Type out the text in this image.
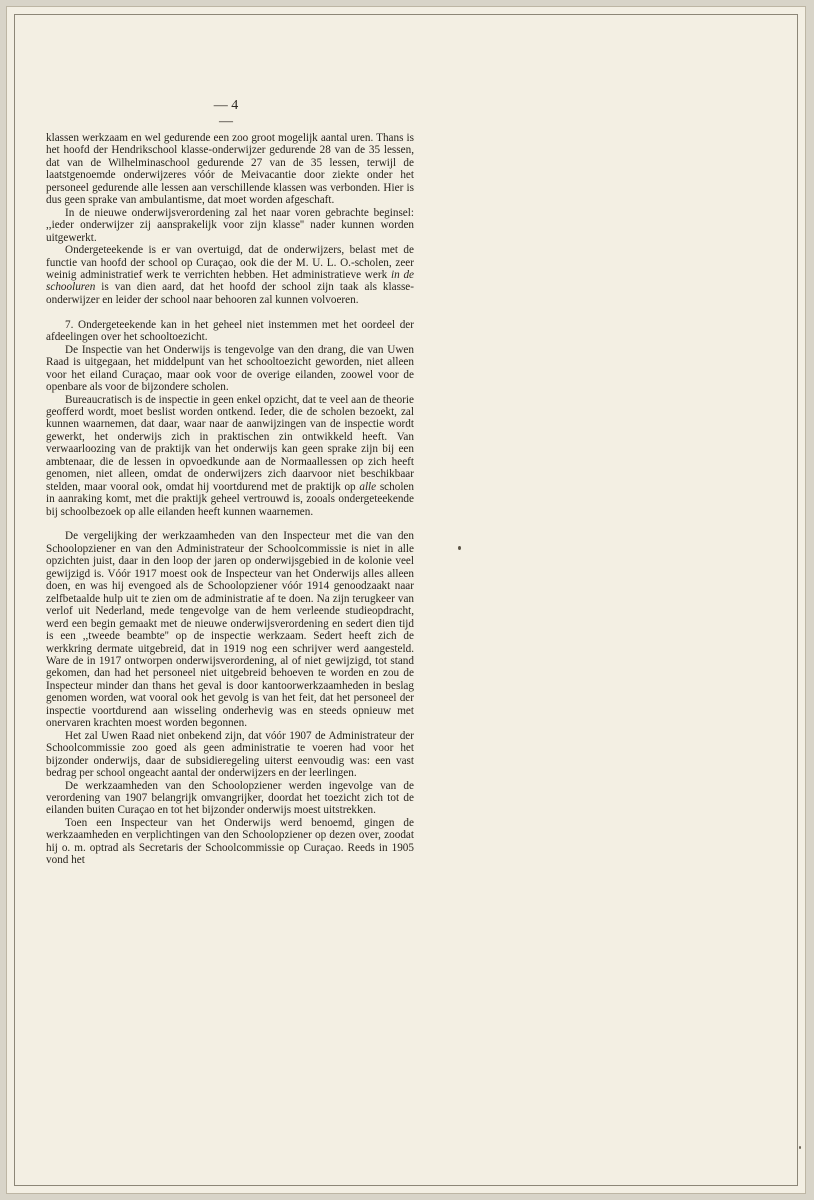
— 4 —

klassen werkzaam en wel gedurende een zoo groot mogelijk aantal uren. Thans is het hoofd der Hendrikschool klasse-onderwijzer gedurende 28 van de 35 lessen, dat van de Wilhelminaschool gedurende 27 van de 35 lessen, terwijl de laatstgenoemde onderwijzeres vóór de Meivacantie door ziekte onder het personeel gedurende alle lessen aan verschillende klassen was verbonden. Hier is dus geen sprake van ambulantisme, dat moet worden afgeschaft.

In de nieuwe onderwijsverordening zal het naar voren gebrachte beginsel: ,,ieder onderwijzer zij aansprakelijk voor zijn klasse'' nader kunnen worden uitgewerkt.

Ondergeteekende is er van overtuigd, dat de onderwijzers, belast met de functie van hoofd der school op Curaçao, ook die der M. U. L. O.-scholen, zeer weinig administratief werk te verrichten hebben. Het administratieve werk in de schooluren is van dien aard, dat het hoofd der school zijn taak als klasse-onderwijzer en leider der school naar behooren zal kunnen volvoeren.

7. Ondergeteekende kan in het geheel niet instemmen met het oordeel der afdeelingen over het schooltoezicht.

De Inspectie van het Onderwijs is tengevolge van den drang, die van Uwen Raad is uitgegaan, het middelpunt van het schooltoezicht geworden, niet alleen voor het eiland Curaçao, maar ook voor de overige eilanden, zoowel voor de openbare als voor de bijzondere scholen.

Bureaucratisch is de inspectie in geen enkel opzicht, dat te veel aan de theorie geofferd wordt, moet beslist worden ontkend. Ieder, die de scholen bezoekt, zal kunnen waarnemen, dat daar, waar naar de aanwijzingen van de inspectie wordt gewerkt, het onderwijs zich in praktischen zin ontwikkeld heeft. Van verwaarloozing van de praktijk van het onderwijs kan geen sprake zijn bij een ambtenaar, die de lessen in opvoedkunde aan de Normaallessen op zich heeft genomen, niet alleen, omdat de onderwijzers zich daarvoor niet beschikbaar stelden, maar vooral ook, omdat hij voortdurend met de praktijk op alle scholen in aanraking komt, met die praktijk geheel vertrouwd is, zooals ondergeteekende bij schoolbezoek op alle eilanden heeft kunnen waarnemen.

De vergelijking der werkzaamheden van den Inspecteur met die van den Schoolopziener en van den Administrateur der Schoolcommissie is niet in alle opzichten juist, daar in den loop der jaren op onderwijsgebied in de kolonie veel gewijzigd is. Vóór 1917 moest ook de Inspecteur van het Onderwijs alles alleen doen, en was hij evengoed als de Schoolopziener vóór 1914 genoodzaakt naar zelfbetaalde hulp uit te zien om de administratie af te doen. Na zijn terugkeer van verlof uit Nederland, mede tengevolge van de hem verleende studieopdracht, werd een begin gemaakt met de nieuwe onderwijsverordening en sedert dien tijd is een ,,tweede beambte'' op de inspectie werkzaam. Sedert heeft zich de werkkring dermate uitgebreid, dat in 1919 nog een schrijver werd aangesteld. Ware de in 1917 ontworpen onderwijsverordening, al of niet gewijzigd, tot stand gekomen, dan had het personeel niet uitgebreid behoeven te worden en zou de Inspecteur minder dan thans het geval is door kantoorwerkzaamheden in beslag genomen worden, wat vooral ook het gevolg is van het feit, dat het personeel der inspectie voortdurend aan wisseling onderhevig was en steeds opnieuw met onervaren krachten moest worden begonnen.

Het zal Uwen Raad niet onbekend zijn, dat vóór 1907 de Administrateur der Schoolcommissie zoo goed als geen administratie te voeren had voor het bijzonder onderwijs, daar de subsidieregeling uiterst eenvoudig was: een vast bedrag per school ongeacht aantal der onderwijzers en der leerlingen.

De werkzaamheden van den Schoolopziener werden ingevolge van de verordening van 1907 belangrijk omvangrijker, doordat het toezicht zich tot de eilanden buiten Curaçao en tot het bijzonder onderwijs moest uitstrekken.

Toen een Inspecteur van het Onderwijs werd benoemd, gingen de werkzaamheden en verplichtingen van den Schoolopziener op dezen over, zoodat hij o. m. optrad als Secretaris der Schoolcommissie op Curaçao. Reeds in 1905 vond het
